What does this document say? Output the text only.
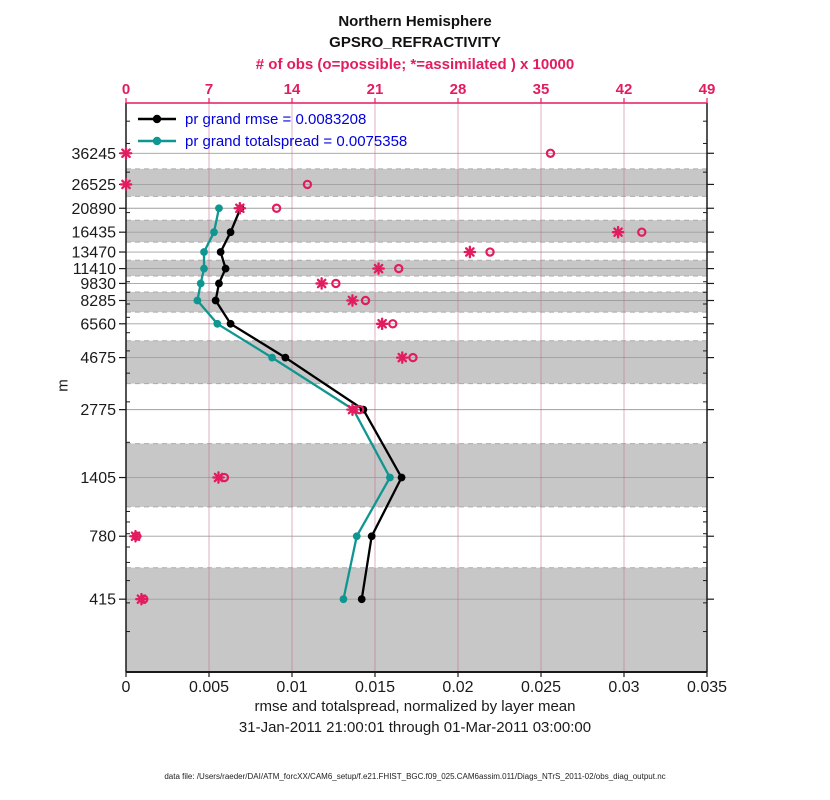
Northern Hemisphere
GPSRO_REFRACTIVITY
# of obs (o=possible; *=assimilated ) x 10000
36245
26525
20890
16435
13470
11410
9830
8285
6560
4675
2775
1405
780
415
0	0.005	0.01	0.015	0.02	0.025	0.03	0.035
0	7	14	21	28	35	42	49
pr grand rmse = 0.0083208
pr grand totalspread = 0.0075358
m
rmse and totalspread, normalized by layer mean
31-Jan-2011 21:00:01 through 01-Mar-2011 03:00:00
data file: /Users/raeder/DAI/ATM_forcXX/CAM6_setup/f.e21.FHIST_BGC.f09_025.CAM6assim.011/Diags_NTrS_2011-02/obs_diag_output.nc
